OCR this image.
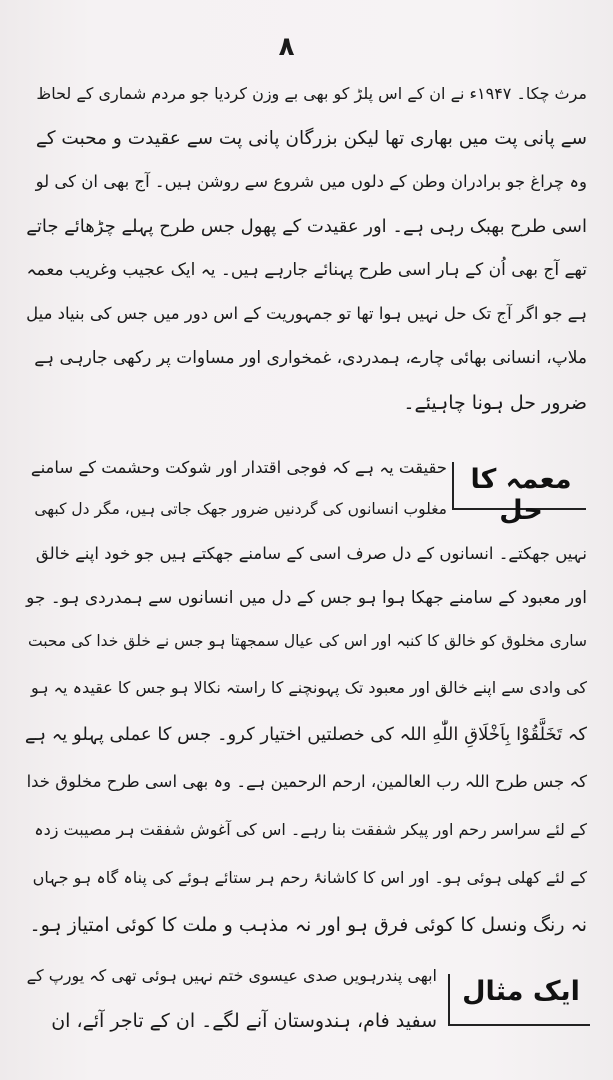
۸
مرث چکا۔ ۱۹۴۷ء نے ان کے اس پلڑ کو بھی بے وزن کردیا جو مردم شماری کے لحاظ
سے پانی پت میں بھاری تھا لیکن بزرگان پانی پت سے عقیدت و محبت کے
وہ چراغ جو برادران وطن کے دلوں میں شروع سے روشن ہیں۔ آج بھی ان کی لو
اسی طرح بھبک رہی ہے۔ اور عقیدت کے پھول جس طرح پہلے چڑھائے جاتے
تھے آج بھی اُن کے ہار اسی طرح پہنائے جارہے ہیں۔ یہ ایک عجیب وغریب معمہ
ہے جو اگر آج تک حل نہیں ہوا تھا تو جمہوریت کے اس دور میں جس کی بنیاد میل
ملاپ، انسانی بھائی چارے، ہمدردی، غمخواری اور مساوات پر رکھی جارہی ہے
ضرور حل ہونا چاہیئے۔
معمہ کا حل
حقیقت یہ ہے کہ فوجی اقتدار اور شوکت وحشمت کے سامنے
مغلوب انسانوں کی گردنیں ضرور جھک جاتی ہیں، مگر دل کبھی
نہیں جھکتے۔ انسانوں کے دل صرف اسی کے سامنے جھکتے ہیں جو خود اپنے خالق
اور معبود کے سامنے جھکا ہوا ہو جس کے دل میں انسانوں سے ہمدردی ہو۔ جو
ساری مخلوق کو خالق کا کنبہ اور اس کی عیال سمجھتا ہو جس نے خلق خدا کی محبت
کی وادی سے اپنے خالق اور معبود تک پہونچنے کا راستہ نکالا ہو جس کا عقیدہ یہ ہو
کہ تَخَلَّقُوْا بِاَخْلَاقِ اللّٰهِ اللہ کی خصلتیں اختیار کرو۔ جس کا عملی پہلو یہ ہے
کہ جس طرح اللہ رب العالمین، ارحم الرحمین ہے۔ وہ بھی اسی طرح مخلوق خدا
کے لئے سراسر رحم اور پیکر شفقت بنا رہے۔ اس کی آغوش شفقت ہر مصیبت زدہ
کے لئے کھلی ہوئی ہو۔ اور اس کا کاشانۂ رحم ہر ستائے ہوئے کی پناہ گاہ ہو جہاں
نہ رنگ ونسل کا کوئی فرق ہو اور نہ مذہب و ملت کا کوئی امتیاز ہو۔
ایک مثال
ابھی پندرہویں صدی عیسوی ختم نہیں ہوئی تھی کہ یورپ کے
سفید فام، ہندوستان آنے لگے۔ ان کے تاجر آئے، ان
